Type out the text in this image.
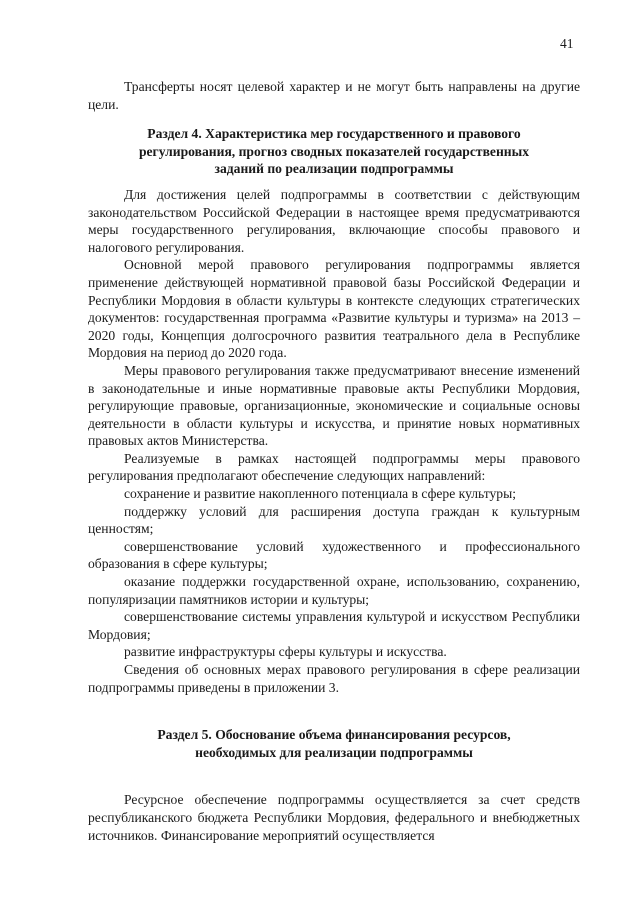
41

Трансферты носят целевой характер и не могут быть направлены на другие цели.

Раздел 4. Характеристика мер государственного и правового
регулирования, прогноз сводных показателей государственных
заданий по реализации подпрограммы

Для достижения целей подпрограммы в соответствии с действующим законодательством Российской Федерации в настоящее время предусматриваются меры государственного регулирования, включающие способы правового и налогового регулирования.

Основной мерой правового регулирования подпрограммы является применение действующей нормативной правовой базы Российской Федерации и Республики Мордовия в области культуры в контексте следующих стратегических документов: государственная программа «Развитие культуры и туризма» на 2013 – 2020 годы, Концепция долгосрочного развития театрального дела в Республике Мордовия на период до 2020 года.

Меры правового регулирования также предусматривают внесение изменений в законодательные и иные нормативные правовые акты Республики Мордовия, регулирующие правовые, организационные, экономические и социальные основы деятельности в области культуры и искусства, и принятие новых нормативных правовых актов Министерства.

Реализуемые в рамках настоящей подпрограммы меры правового регулирования предполагают обеспечение следующих направлений:

сохранение и развитие накопленного потенциала в сфере культуры;

поддержку условий для расширения доступа граждан к культурным ценностям;

совершенствование условий художественного и профессионального образования в сфере культуры;

оказание поддержки государственной охране, использованию, сохранению, популяризации памятников истории и культуры;

совершенствование системы управления культурой и искусством Республики Мордовия;

развитие инфраструктуры сферы культуры и искусства.

Сведения об основных мерах правового регулирования в сфере реализации подпрограммы приведены в приложении 3.

Раздел 5. Обоснование объема финансирования ресурсов,
необходимых для реализации подпрограммы

Ресурсное обеспечение подпрограммы осуществляется за счет средств республиканского бюджета Республики Мордовия, федерального и внебюджетных источников. Финансирование мероприятий осуществляется
